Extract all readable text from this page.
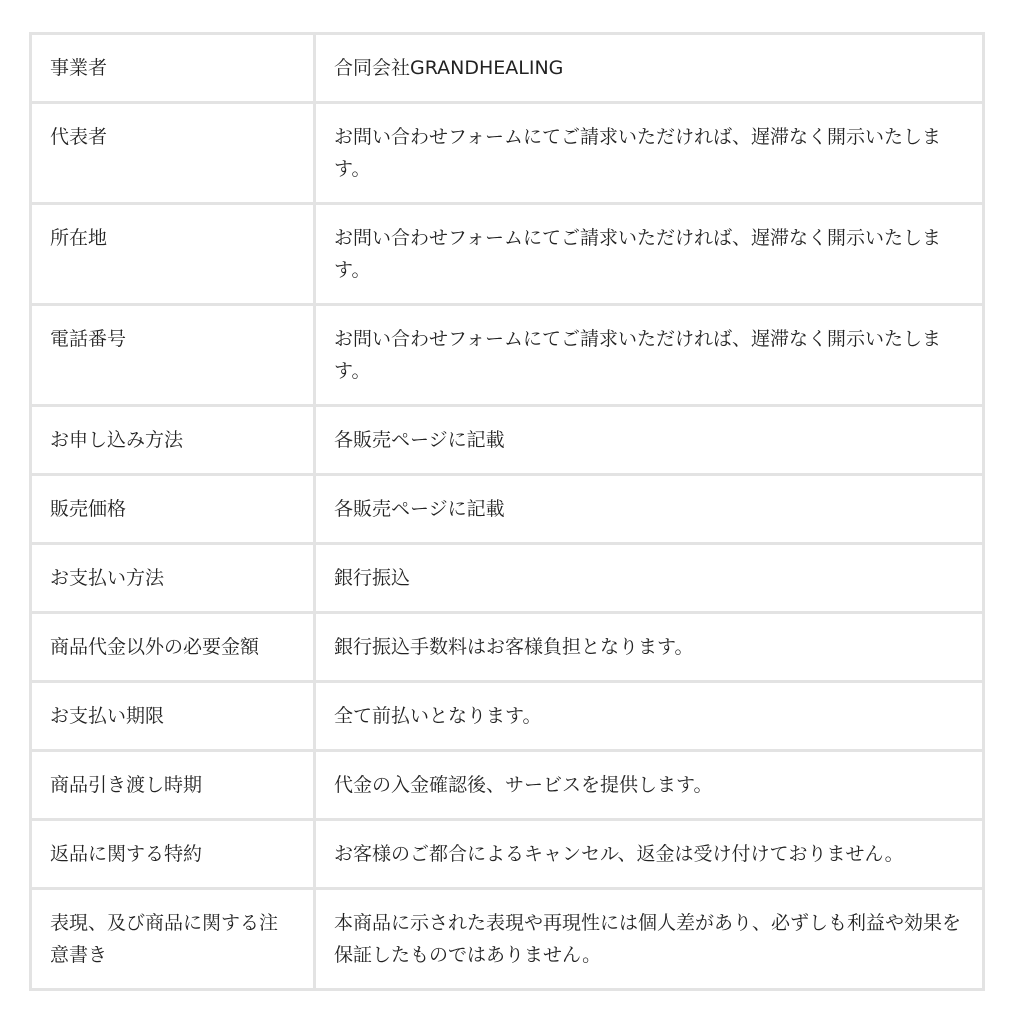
事業者	合同会社GRANDHEALING
代表者	お問い合わせフォームにてご請求いただければ、遅滞なく開示いたします。
所在地	お問い合わせフォームにてご請求いただければ、遅滞なく開示いたします。
電話番号	お問い合わせフォームにてご請求いただければ、遅滞なく開示いたします。
お申し込み方法	各販売ページに記載
販売価格	各販売ページに記載
お支払い方法	銀行振込
商品代金以外の必要金額	銀行振込手数料はお客様負担となります。
お支払い期限	全て前払いとなります。
商品引き渡し時期	代金の入金確認後、サービスを提供します。
返品に関する特約	お客様のご都合によるキャンセル、返金は受け付けておりません。
表現、及び商品に関する注意書き	本商品に示された表現や再現性には個人差があり、必ずしも利益や効果を保証したものではありません。
